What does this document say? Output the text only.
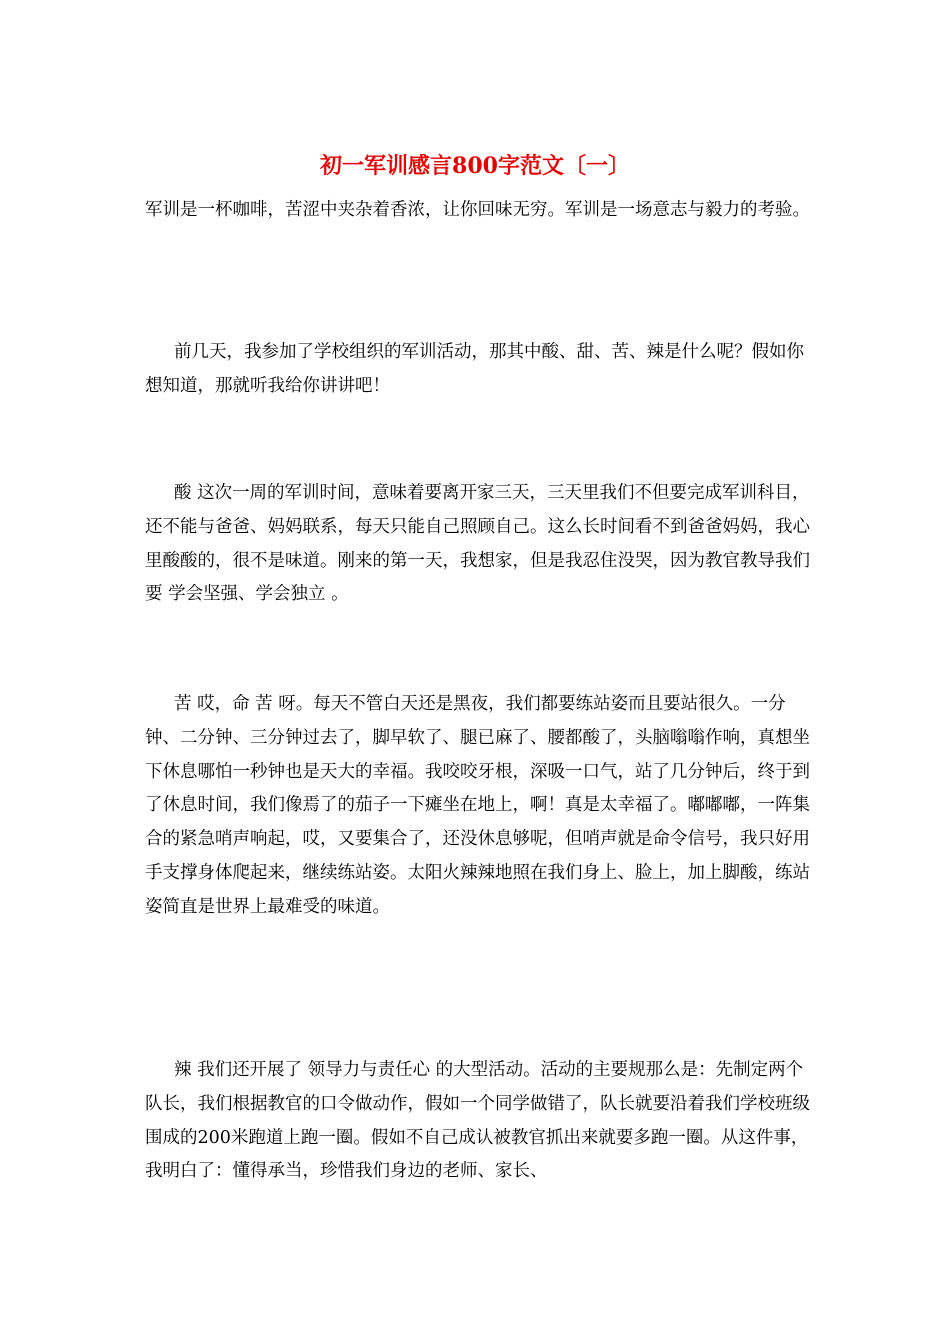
初一军训感言800字范文〔一〕

军训是一杯咖啡，苦涩中夹杂着香浓，让你回味无穷。军训是一场意志与毅力的考验。

前几天，我参加了学校组织的军训活动，那其中酸、甜、苦、辣是什么呢？假如你想知道，那就听我给你讲讲吧！

酸 这次一周的军训时间，意味着要离开家三天，三天里我们不但要完成军训科目，还不能与爸爸、妈妈联系，每天只能自己照顾自己。这么长时间看不到爸爸妈妈，我心里酸酸的，很不是味道。刚来的第一天，我想家，但是我忍住没哭，因为教官教导我们要 学会坚强、学会独立 。

苦 哎，命 苦 呀。每天不管白天还是黑夜，我们都要练站姿而且要站很久。一分钟、二分钟、三分钟过去了，脚早软了、腿已麻了、腰都酸了，头脑嗡嗡作响，真想坐下休息哪怕一秒钟也是天大的幸福。我咬咬牙根，深吸一口气，站了几分钟后，终于到了休息时间，我们像焉了的茄子一下瘫坐在地上，啊！真是太幸福了。嘟嘟嘟，一阵集合的紧急哨声响起，哎，又要集合了，还没休息够呢，但哨声就是命令信号，我只好用手支撑身体爬起来，继续练站姿。太阳火辣辣地照在我们身上、脸上，加上脚酸，练站姿简直是世界上最难受的味道。

辣 我们还开展了 领导力与责任心 的大型活动。活动的主要规那么是：先制定两个队长，我们根据教官的口令做动作，假如一个同学做错了，队长就要沿着我们学校班级围成的200米跑道上跑一圈。假如不自己成认被教官抓出来就要多跑一圈。从这件事，我明白了：懂得承当，珍惜我们身边的老师、家长、
